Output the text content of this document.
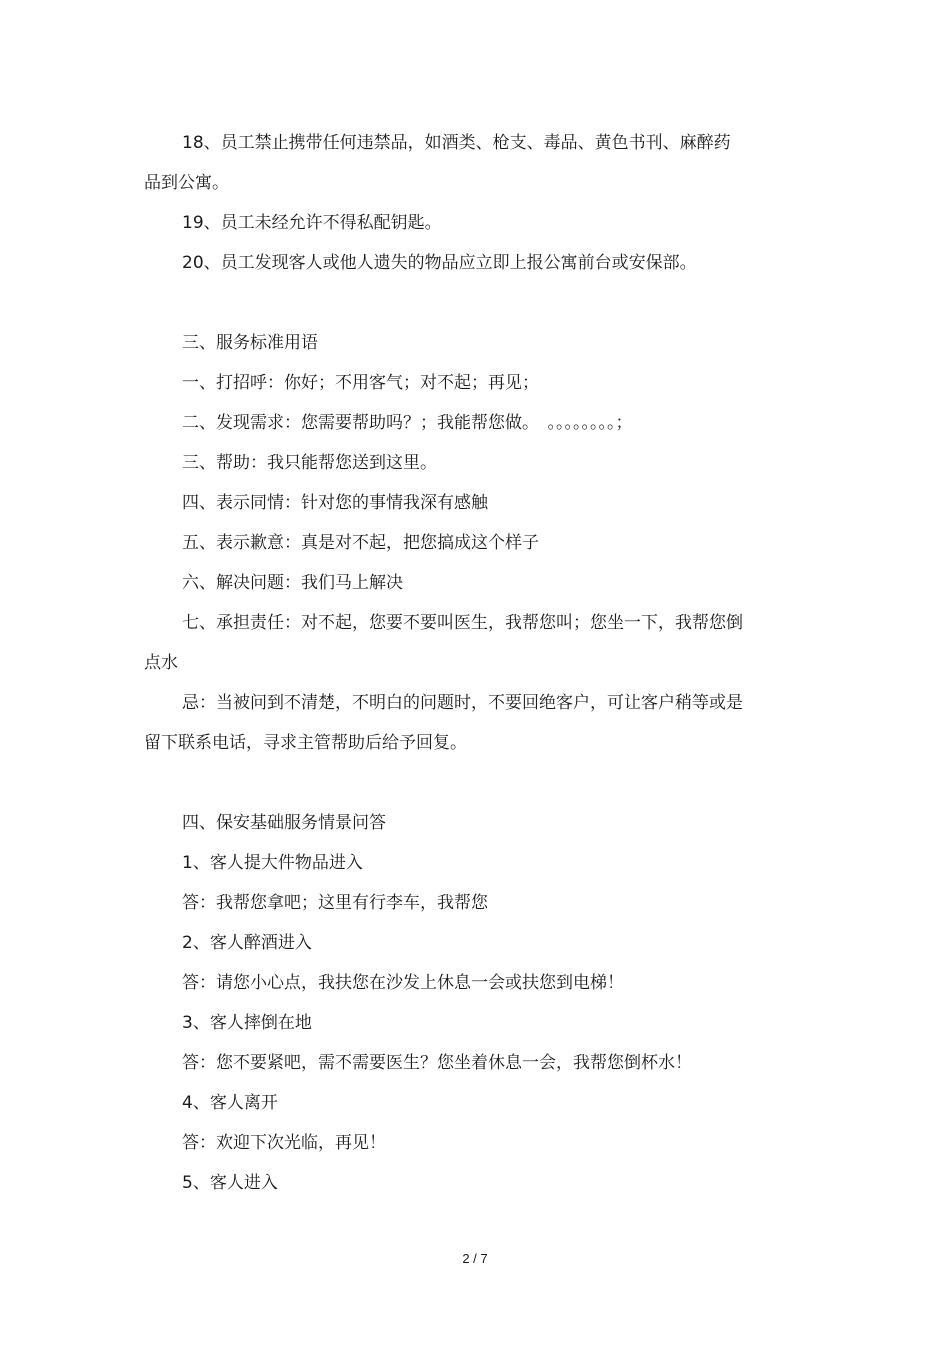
18、员工禁止携带任何违禁品，如酒类、枪支、毒品、黄色书刊、麻醉药
品到公寓。
19、员工未经允许不得私配钥匙。
20、员工发现客人或他人遗失的物品应立即上报公寓前台或安保部。
三、服务标准用语
一、打招呼：你好；不用客气；对不起；再见；
二、发现需求：您需要帮助吗？；我能帮您做。　。。。。。。。。；
三、帮助：我只能帮您送到这里。
四、表示同情：针对您的事情我深有感触
五、表示歉意：真是对不起，把您搞成这个样子
六、解决问题：我们马上解决
七、承担责任：对不起，您要不要叫医生，我帮您叫；您坐一下，我帮您倒
点水
忌：当被问到不清楚，不明白的问题时，不要回绝客户，可让客户稍等或是
留下联系电话，寻求主管帮助后给予回复。
四、保安基础服务情景问答
1、客人提大件物品进入
答：我帮您拿吧；这里有行李车，我帮您
2、客人醉酒进入
答：请您小心点，我扶您在沙发上休息一会或扶您到电梯！
3、客人摔倒在地
答：您不要紧吧，需不需要医生？您坐着休息一会，我帮您倒杯水！
4、客人离开
答：欢迎下次光临，再见！
5、客人进入
2 / 7
